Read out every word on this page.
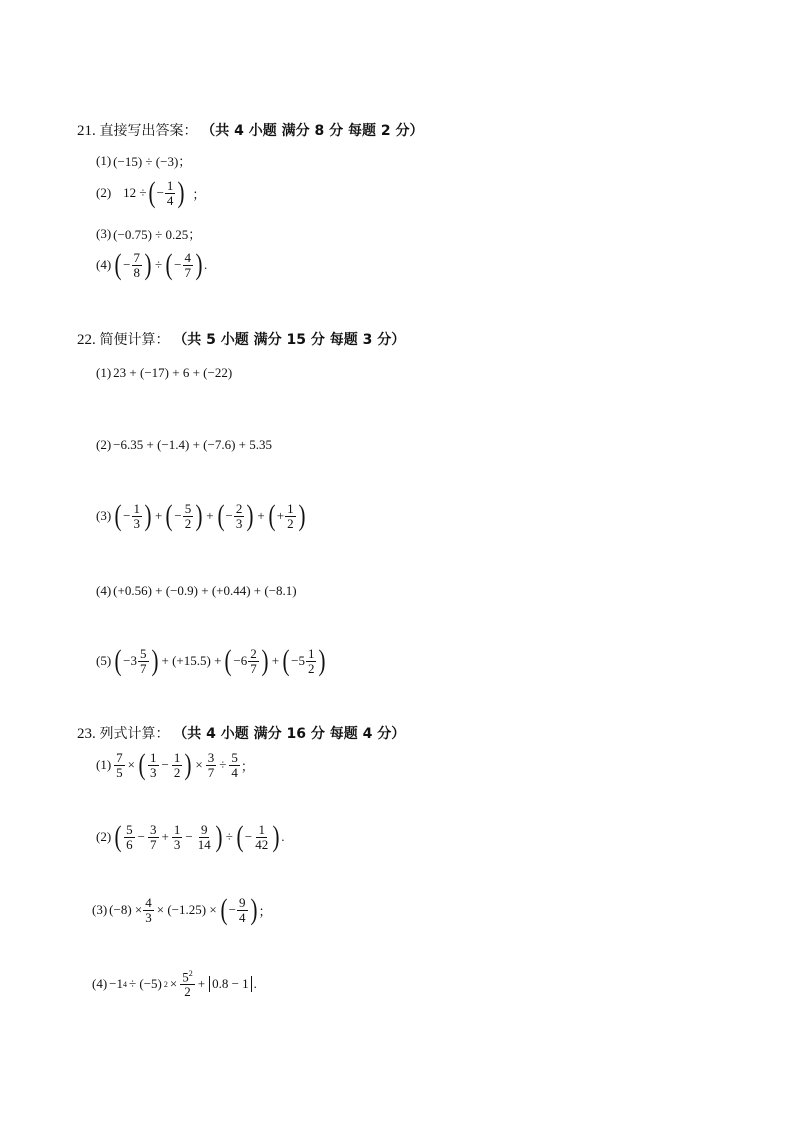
21. 直接写出答案： （共 4 小题 满分 8 分 每题 2 分）
(1) (−15) ÷ (−3)；
(2) 12 ÷ ( − $\frac{1}{4}$ ) ；
(3) (−0.75) ÷ 0.25；
(4) ( − $\frac{7}{8}$ ) ÷ ( − $\frac{4}{7}$ ) .
22. 简便计算： （共 5 小题 满分 15 分 每题 3 分）
(1) 23 + (−17) + 6 + (−22)
(2) −6.35 + (−1.4) + (−7.6) + 5.35
(3) ( − $\frac{1}{3}$ ) + ( − $\frac{5}{2}$ ) + ( − $\frac{2}{3}$ ) + ( + $\frac{1}{2}$ )
(4) (+0.56) + (−0.9) + (+0.44) + (−8.1)
(5) ( $-3 \frac{5}{7}$ ) + (+15.5) + ( $-6 \frac{2}{7}$ ) + ( $-5 \frac{1}{2}$ )
23. 列式计算： （共 4 小题 满分 16 分 每题 4 分）
$(1) \frac{7}{5}$ × ( $\frac{1}{3} - \frac{1}{2}$ ) × $\frac{3}{7} \div \frac{5}{4}$ ；
(2) ( $\frac{5}{6} - \frac{3}{7} + \frac{1}{3} - \frac{9}{14}$ ) ÷ ( − $\frac{1}{42}$ ) .
(3) $(-8) \times \frac{4}{3} \times (-1.25)$ × ( − $\frac{9}{4}$ ) ；
(4) −1 4 ÷ (−5) $2 \times \frac{5^2}{2} + 0.8 - 1$ .
